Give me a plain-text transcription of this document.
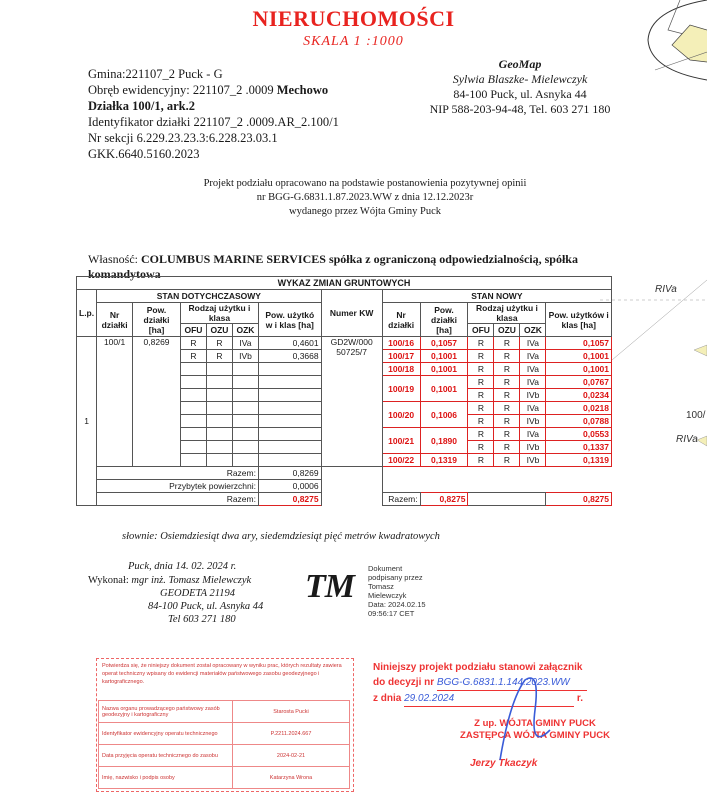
RIVa
100/
RIVa
NIERUCHOMOŚCI
SKALA 1 :1000
Gmina:221107_2 Puck - G
Obręb ewidencyjny: 221107_2 .0009 Mechowo
Działka 100/1, ark.2
Identyfikator działki 221107_2 .0009.AR_2.100/1
Nr sekcji 6.229.23.23.3:6.228.23.03.1
GKK.6640.5160.2023
GeoMap
Sylwia Blaszke- Mielewczyk
84-100 Puck, ul. Asnyka 44
NIP 588-203-94-48, Tel. 603 271 180
Projekt podziału opracowano na podstawie postanowienia pozytywnej opinii
nr BGG-G.6831.1.87.2023.WW z dnia 12.12.2023r
wydanego przez Wójta Gminy Puck
Własność: COLUMBUS MARINE SERVICES spółka z ograniczoną odpowiedzialnością, spółka komandytowa
WYKAZ ZMIAN GRUNTOWYCH													
L.p.	STAN DOTYCHCZASOWY						Numer KW	STAN NOWY					
	Nr działki	Pow. działki [ha]	Rodzaj użytku i klasa			Pow. użytkó w i klas [ha]		Nr działki	Pow. działki [ha]	Rodzaj użytku i klasa			Pow. użytków i klas [ha]
			OFU	OZU	OZK					OFU	OZU	OZK	
1	100/1	0,8269	R	R	IVa	0,4601	GD2W/000 50725/7	100/16	0,1057	R	R	IVa	0,1057
			R	R	IVb	0,3668		100/17	0,1001	R	R	IVa	0,1001
								100/18	0,1001	R	R	IVa	0,1001
								100/19	0,1001	R	R	IVa	0,0767
										R	R	IVb	0,0234
								100/20	0,1006	R	R	IVa	0,0218
										R	R	IVb	0,0788
								100/21	0,1890	R	R	IVa	0,0553
										R	R	IVb	0,1337
								100/22	0,1319	R	R	IVb	0,1319
	Razem:					0,8269							
	Przybytek powierzchni:					0,0006							
	Razem:					0,8275		Razem:	0,8275				0,8275
słownie: Osiemdziesiąt dwa ary, siedemdziesiąt pięć metrów kwadratowych
Puck, dnia 14. 02. 2024 r.
Wykonał: mgr inż. Tomasz Mielewczyk
GEODETA 21194
84-100 Puck, ul. Asnyka 44
Tel 603 271 180
TM Dokument
podpisany przez
Tomasz
Mielewczyk
Data: 2024.02.15
09:56:17 CET
Potwierdza się, że niniejszy dokument został opracowany w wyniku prac, których rezultaty zawiera operat techniczny wpisany do ewidencji materiałów państwowego zasobu geodezyjnego i kartograficznego.
Nazwa organu prowadzącego państwowy zasób geodezyjny i kartograficzny	Starosta Pucki
Identyfikator ewidencyjny operatu technicznego	P.2211.2024.667
Data przyjęcia operatu technicznego do zasobu	2024-02-21
Imię, nazwisko i podpis osoby	Katarzyna Wrona
Niniejszy projekt podziału stanowi załącznik
do decyzji nr BGG-G.6831.1.144.2023.WW
z dnia 29.02.2024	r.
Z up. WÓJTA GMINY PUCK
ZASTĘPCA WÓJTA GMINY PUCK
Jerzy Tkaczyk
